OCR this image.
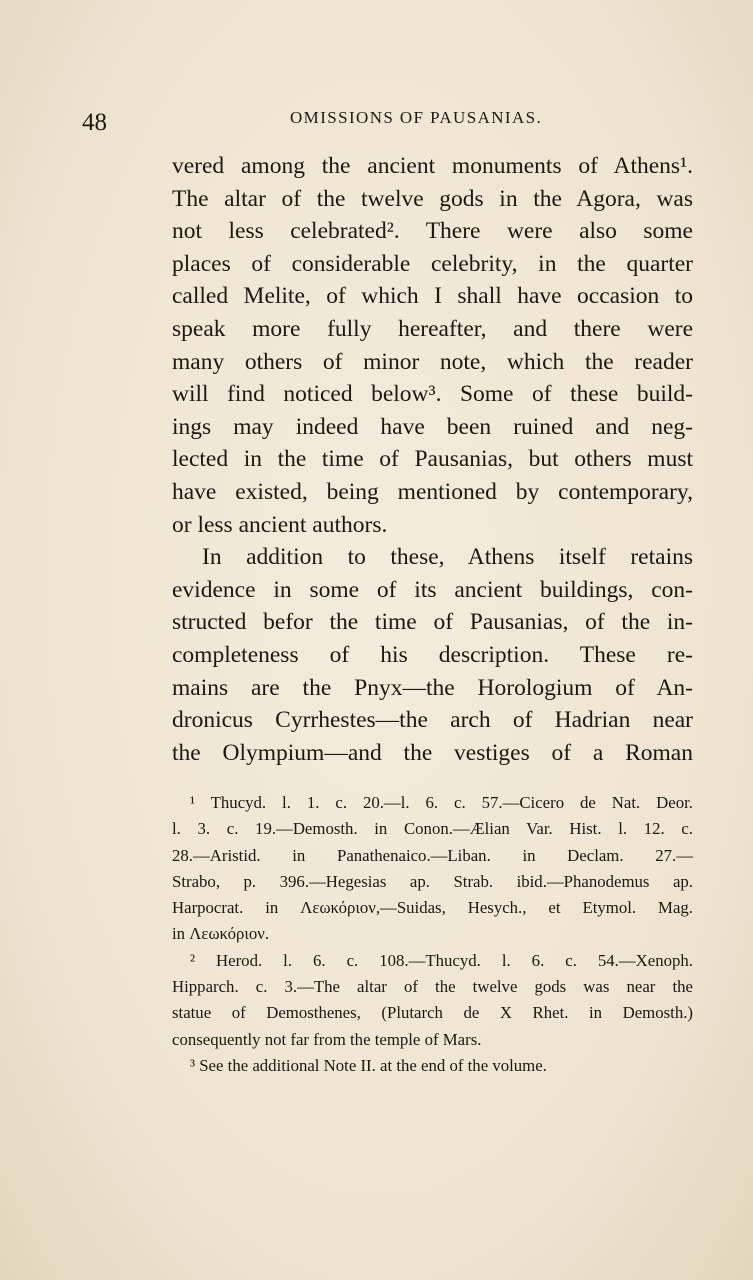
48	OMISSIONS OF PAUSANIAS.
vered among the ancient monuments of Athens¹.
The altar of the twelve gods in the Agora, was
not less celebrated². There were also some
places of considerable celebrity, in the quarter
called Melite, of which I shall have occasion to
speak more fully hereafter, and there were
many others of minor note, which the reader
will find noticed below³. Some of these build-
ings may indeed have been ruined and neg-
lected in the time of Pausanias, but others must
have existed, being mentioned by contemporary,
or less ancient authors.
In addition to these, Athens itself retains
evidence in some of its ancient buildings, con-
structed befor the time of Pausanias, of the in-
completeness of his description. These re-
mains are the Pnyx—the Horologium of An-
dronicus Cyrrhestes—the arch of Hadrian near
the Olympium—and the vestiges of a Roman
¹ Thucyd. l. 1. c. 20.—l. 6. c. 57.—Cicero de Nat. Deor.
l. 3. c. 19.—Demosth. in Conon.—Ælian Var. Hist. l. 12. c.
28.—Aristid. in Panathenaico.—Liban. in Declam. 27.—
Strabo, p. 396.—Hegesias ap. Strab. ibid.—Phanodemus ap.
Harpocrat. in Λεωκόριον,—Suidas, Hesych., et Etymol. Mag.
in Λεωκόριον.
² Herod. l. 6. c. 108.—Thucyd. l. 6. c. 54.—Xenoph.
Hipparch. c. 3.—The altar of the twelve gods was near the
statue of Demosthenes, (Plutarch de X Rhet. in Demosth.)
consequently not far from the temple of Mars.
³ See the additional Note II. at the end of the volume.
